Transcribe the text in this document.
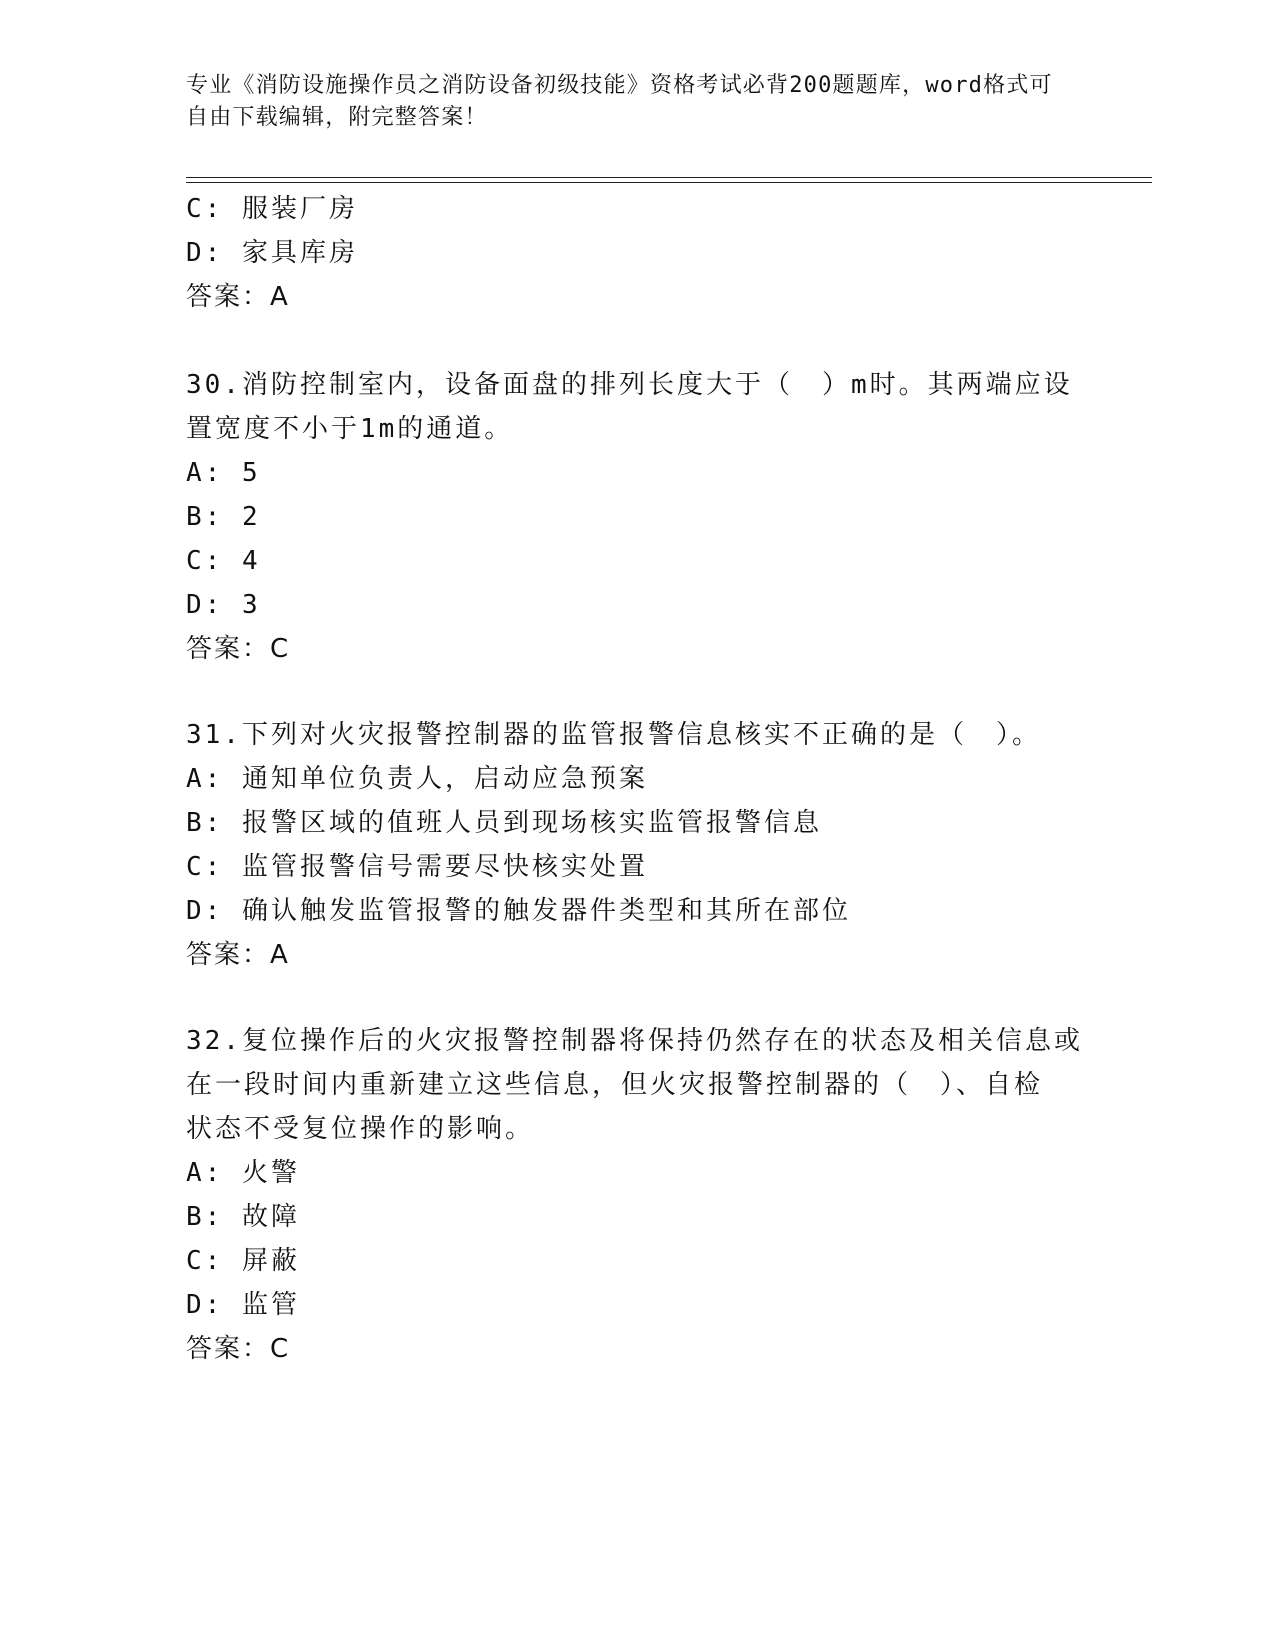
专业《消防设施操作员之消防设备初级技能》资格考试必背200题题库，word格式可自由下载编辑，附完整答案！
C: 服装厂房
D: 家具库房
答案：A
30.消防控制室内，设备面盘的排列长度大于（　）m时。其两端应设
置宽度不小于1m的通道。
A: 5
B: 2
C: 4
D: 3
答案：C
31.下列对火灾报警控制器的监管报警信息核实不正确的是（　）。
A: 通知单位负责人，启动应急预案
B: 报警区域的值班人员到现场核实监管报警信息
C: 监管报警信号需要尽快核实处置
D: 确认触发监管报警的触发器件类型和其所在部位
答案：A
32.复位操作后的火灾报警控制器将保持仍然存在的状态及相关信息或
在一段时间内重新建立这些信息，但火灾报警控制器的（　）、自检
状态不受复位操作的影响。
A: 火警
B: 故障
C: 屏蔽
D: 监管
答案：C
